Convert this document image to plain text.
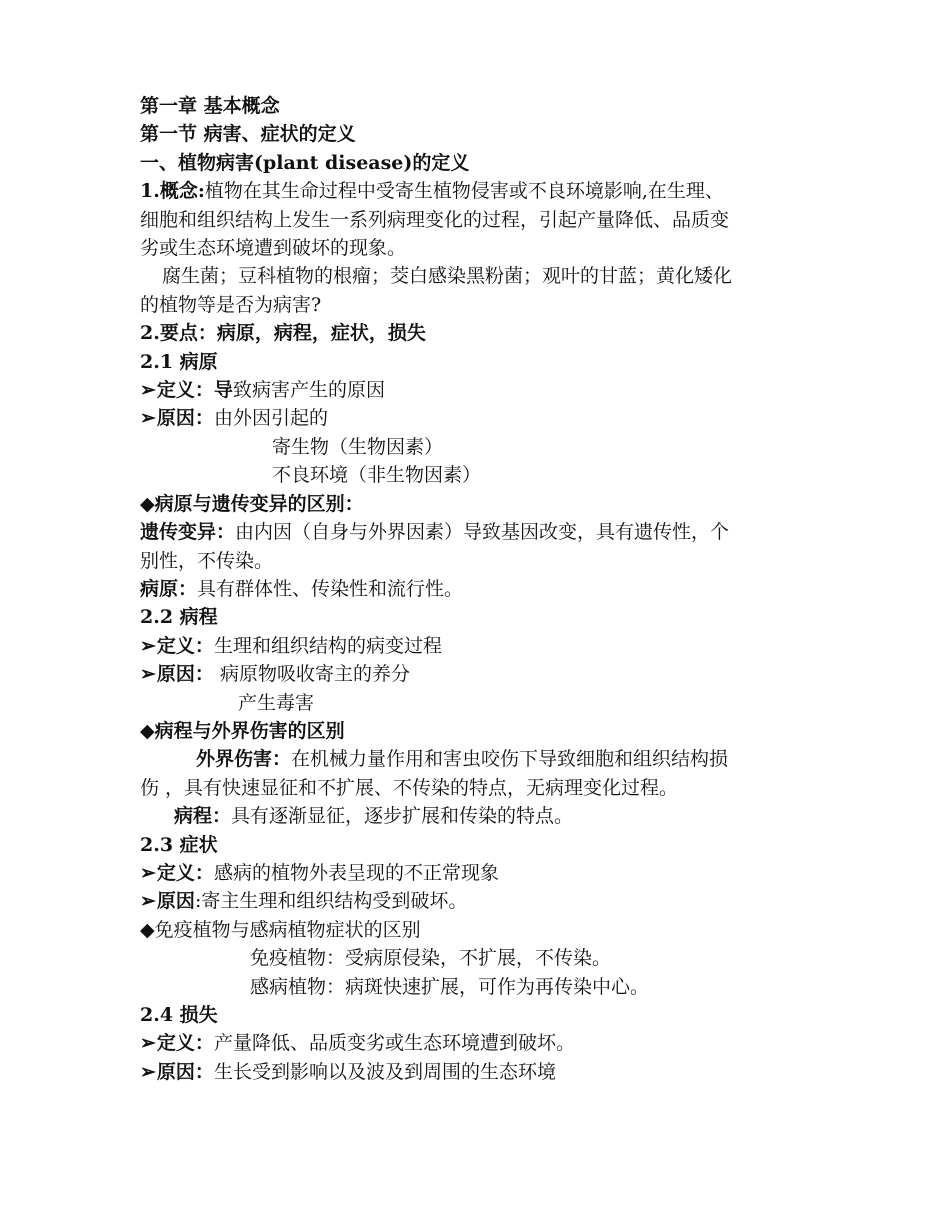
第一章 基本概念
第一节 病害、症状的定义
一、植物病害(plant disease)的定义
1.概念:植物在其生命过程中受寄生植物侵害或不良环境影响,在生理、
细胞和组织结构上发生一系列病理变化的过程，引起产量降低、品质变
劣或生态环境遭到破坏的现象。
腐生菌；豆科植物的根瘤；茭白感染黑粉菌；观叶的甘蓝；黄化矮化
的植物等是否为病害?
2.要点：病原，病程，症状，损失
2.1 病原
➢定义：导致病害产生的原因
➢原因：由外因引起的
寄生物（生物因素）
不良环境（非生物因素）
◆病原与遗传变异的区别：
遗传变异：由内因（自身与外界因素）导致基因改变，具有遗传性，个
别性，不传染。
病原：具有群体性、传染性和流行性。
2.2 病程
➢定义：生理和组织结构的病变过程
➢原因： 病原物吸收寄主的养分
产生毒害
◆病程与外界伤害的区别
外界伤害：在机械力量作用和害虫咬伤下导致细胞和组织结构损
伤 ，具有快速显征和不扩展、不传染的特点，无病理变化过程。
病程：具有逐渐显征，逐步扩展和传染的特点。
2.3 症状
➢定义：感病的植物外表呈现的不正常现象
➢原因:寄主生理和组织结构受到破坏。
◆免疫植物与感病植物症状的区别
免疫植物：受病原侵染，不扩展，不传染。
感病植物：病斑快速扩展，可作为再传染中心。
2.4 损失
➢定义：产量降低、品质变劣或生态环境遭到破坏。
➢原因：生长受到影响以及波及到周围的生态环境
